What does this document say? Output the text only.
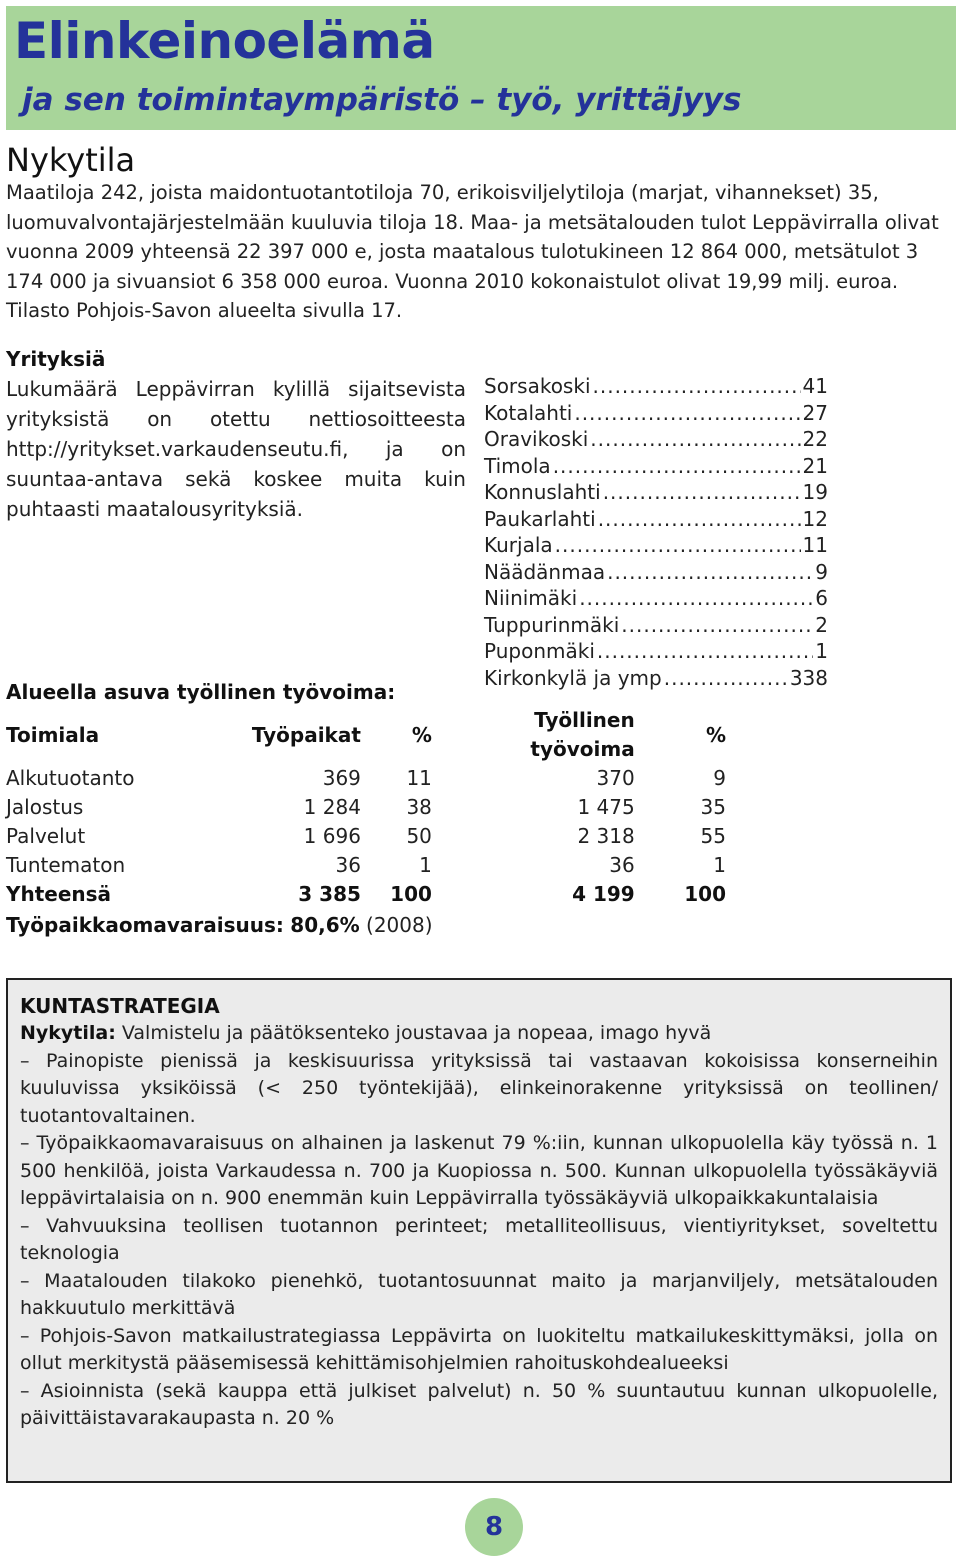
Elinkeinoelämä
ja sen toimintaympäristö – työ, yrittäjyys
Nykytila

Maatiloja 242, joista maidontuotantotiloja 70, erikoisviljelytiloja (marjat, vihannekset) 35, luomuvalvontajärjestelmään kuuluvia tiloja 18. Maa- ja metsätalouden tulot Leppävirralla olivat vuonna 2009 yhteensä 22 397 000 e, josta maatalous tulotukineen 12 864 000, metsätulot 3 174 000 ja sivuansiot 6 358 000 euroa. Vuonna 2010 kokonaistulot olivat 19,99 milj. euroa. Tilasto Pohjois-Savon alueelta sivulla 17.

Yrityksiä

Lukumäärä Leppävirran kylillä sijaitsevista yrityksistä on otettu nettiosoitteesta http://yritykset.varkaudenseutu.fi, ja on suuntaa-antava sekä koskee muita kuin puhtaasti maatalousyrityksiä.

Sorsakoski .....	41
Kotalahti .....	27
Oravikoski .....	22
Timola .....	21
Konnuslahti .....	19
Paukarlahti .....	12
Kurjala .....	11
Näädänmaa .....	9
Niinimäki .....	6
Tuppurinmäki .....	2
Puponmäki .....	1
Kirkonkylä ja ymp .....	338
Alueella asuva työllinen työvoima:
Toimiala	Työpaikat	%	Työllinen työvoima	%
Alkutuotanto	369	11	370	9
Jalostus	1 284	38	1 475	35
Palvelut	1 696	50	2 318	55
Tuntematon	36	1	36	1
Yhteensä	3 385	100	4 199	100

Työpaikkaomavaraisuus: 80,6% (2008)

KUNTASTRATEGIA

Nykytila: Valmistelu ja päätöksenteko joustavaa ja nopeaa, imago hyvä

– Painopiste pienissä ja keskisuurissa yrityksissä tai vastaavan kokoisissa konserneihin kuuluvissa yksiköissä (< 250 työntekijää), elinkeinorakenne yrityksissä on teollinen/ tuotantovaltainen.

– Työpaikkaomavaraisuus on alhainen ja laskenut 79 %:iin, kunnan ulkopuolella käy työssä n. 1 500 henkilöä, joista Varkaudessa n. 700 ja Kuopiossa n. 500. Kunnan ulkopuolella työssäkäyviä leppävirtalaisia on n. 900 enemmän kuin Leppävirralla työssäkäyviä ulkopaikkakuntalaisia

– Vahvuuksina teollisen tuotannon perinteet; metalliteollisuus, vientiyritykset, soveltettu teknologia

– Maatalouden tilakoko pienehkö, tuotantosuunnat maito ja marjanviljely, metsätalouden hakkuutulo merkittävä

– Pohjois-Savon matkailustrategiassa Leppävirta on luokiteltu matkailukeskittymäksi, jolla on ollut merkitystä pääsemisessä kehittämisohjelmien rahoituskohdealueeksi

– Asioinnista (sekä kauppa että julkiset palvelut) n. 50 % suuntautuu kunnan ulkopuolelle, päivittäistavarakaupasta n. 20 %

8
